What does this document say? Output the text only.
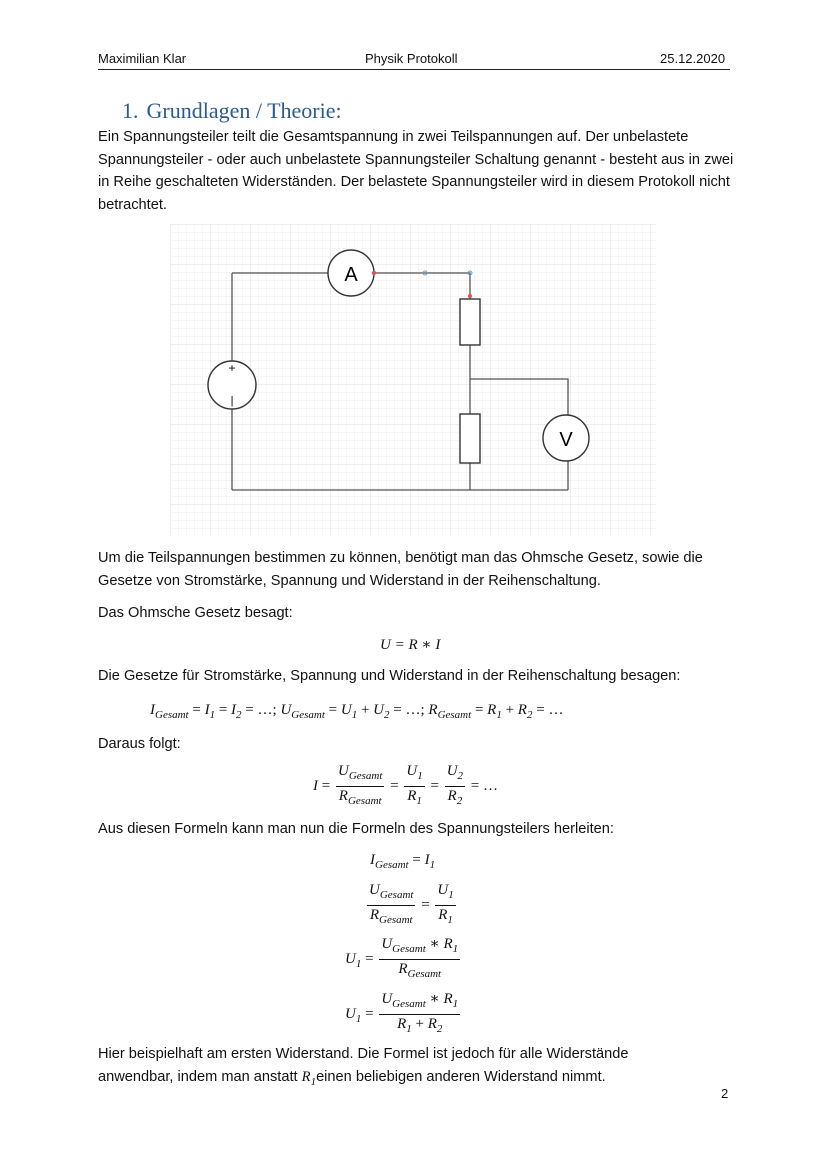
Maximilian Klar	Physik Protokoll	25.12.2020
1. Grundlagen / Theorie:
Ein Spannungsteiler teilt die Gesamtspannung in zwei Teilspannungen auf. Der unbelastete Spannungsteiler - oder auch unbelastete Spannungsteiler Schaltung genannt - besteht aus in zwei in Reihe geschalteten Widerständen. Der belastete Spannungsteiler wird in diesem Protokoll nicht betrachtet.
+
|
A
V
Um die Teilspannungen bestimmen zu können, benötigt man das Ohmsche Gesetz, sowie die Gesetze von Stromstärke, Spannung und Widerstand in der Reihenschaltung.
Das Ohmsche Gesetz besagt:
U = R ∗ I
Die Gesetze für Stromstärke, Spannung und Widerstand in der Reihenschaltung besagen:
$I_{Gesamt} = I_1 = I_2$ = …; $U_{Gesamt} = U_1 + U_2$ = …; $R_{Gesamt} = R_1 + R_2$ = …
Daraus folgt:
$I = \frac{U_{Gesamt}}{R_{Gesamt}} = \frac{U_1}{R_1} = \frac{U_2}{R_2}$ = …
Aus diesen Formeln kann man nun die Formeln des Spannungsteilers herleiten:
$I_{Gesamt} = I_1$
$\frac{U_{Gesamt}}{R_{Gesamt}} = \frac{U_1}{R_1}$
$U_1 = \frac{U_{Gesamt} ∗ R_1}{R_{Gesamt}}$
$U_1 = \frac{U_{Gesamt} ∗ R_1}{R_1 + R_2}$
Hier beispielhaft am ersten Widerstand. Die Formel ist jedoch für alle Widerstände
anwendbar, indem man anstatt $R_1einen$ beliebigen anderen Widerstand nimmt.
2
